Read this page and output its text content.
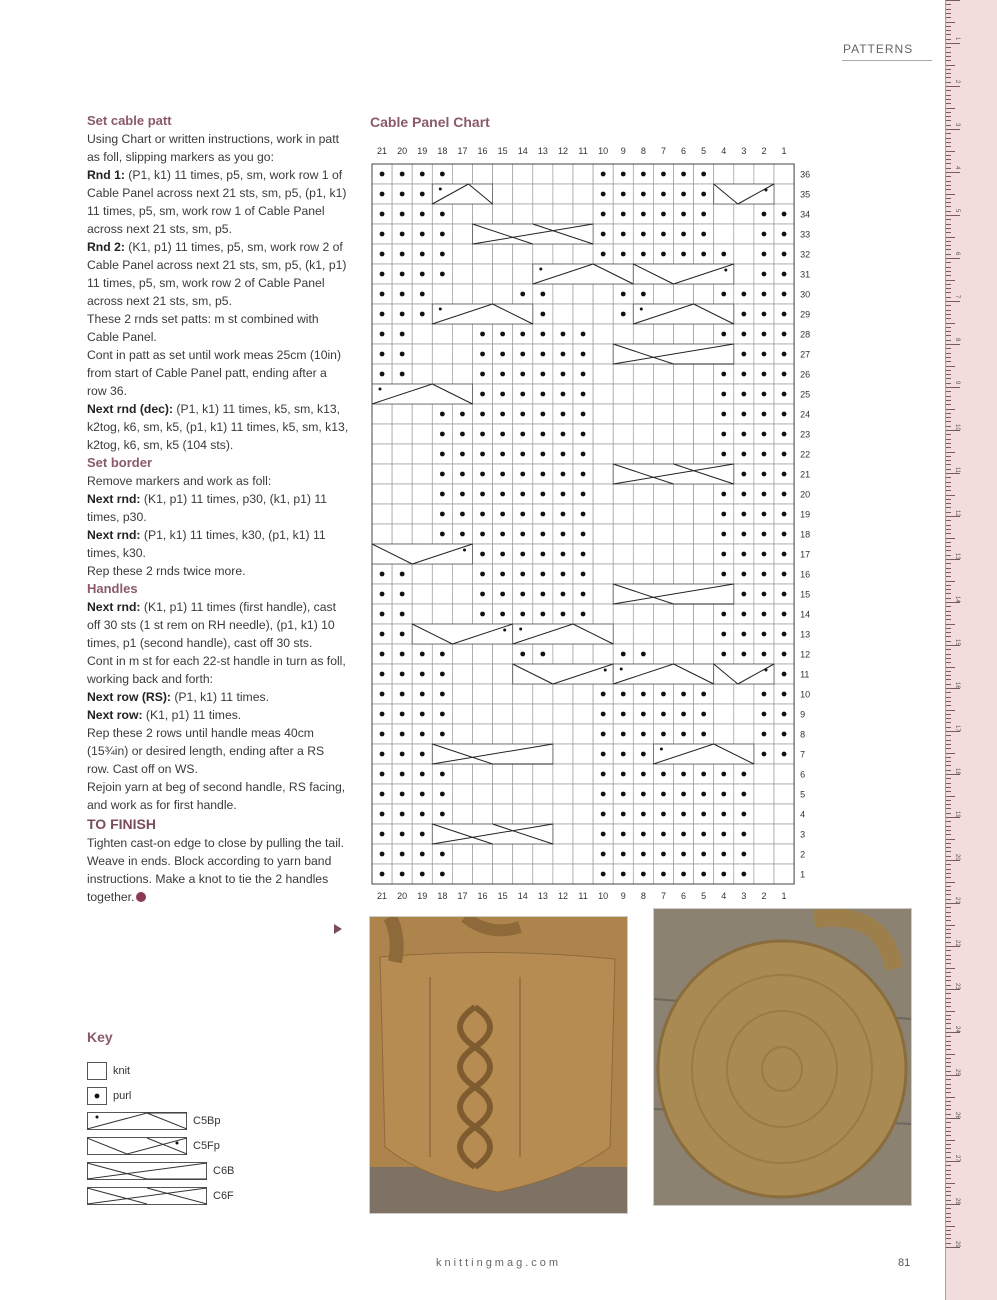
PATTERNS
1
2
3
4
5
6
7
8
9
10
11
12
13
14
15
16
17
18
19
20
21
22
23
24
25
26
27
28
29

Set cable patt

Using Chart or written instructions, work in patt as foll, slipping markers as you go:

Rnd 1: (P1, k1) 11 times, p5, sm, work row 1 of Cable Panel across next 21 sts, sm, p5, (p1, k1) 11 times, p5, sm, work row 1 of Cable Panel across next 21 sts, sm, p5.

Rnd 2: (K1, p1) 11 times, p5, sm, work row 2 of Cable Panel across next 21 sts, sm, p5, (k1, p1) 11 times, p5, sm, work row 2 of Cable Panel across next 21 sts, sm, p5.

These 2 rnds set patts: m st combined with Cable Panel.

Cont in patt as set until work meas 25cm (10in) from start of Cable Panel patt, ending after a row 36.

Next rnd (dec): (P1, k1) 11 times, k5, sm, k13, k2tog, k6, sm, k5, (p1, k1) 11 times, k5, sm, k13, k2tog, k6, sm, k5 (104 sts).

Set border

Remove markers and work as foll:

Next rnd: (K1, p1) 11 times, p30, (k1, p1) 11 times, p30.

Next rnd: (P1, k1) 11 times, k30, (p1, k1) 11 times, k30.

Rep these 2 rnds twice more.

Handles

Next rnd: (K1, p1) 11 times (first handle), cast off 30 sts (1 st rem on RH needle), (p1, k1) 10 times, p1 (second handle), cast off 30 sts.

Cont in m st for each 22-st handle in turn as foll, working back and forth:

Next row (RS): (P1, k1) 11 times.

Next row: (K1, p1) 11 times.

Rep these 2 rows until handle meas 40cm (15¾in) or desired length, ending after a RS row. Cast off on WS.

Rejoin yarn at beg of second handle, RS facing, and work as for first handle.

TO FINISH

Tighten cast-on edge to close by pulling the tail. Weave in ends. Block according to yarn band instructions. Make a knot to tie the 2 handles together.

Key
knit
purl
C5Bp
C5Fp
C6B
C6F
Cable Panel Chart
21
21
20
20
19
19
18
18
17
17
16
16
15
15
14
14
13
13
12
12
11
11
10
10
9
9
8
8
7
7
6
6
5
5
4
4
3
3
2
2
1
1
36
35
34
33
32
31
30
29
28
27
26
25
24
23
22
21
20
19
18
17
16
15
14
13
12
11
10
9
8
7
6
5
4
3
2
1
knittingmag.com	81
